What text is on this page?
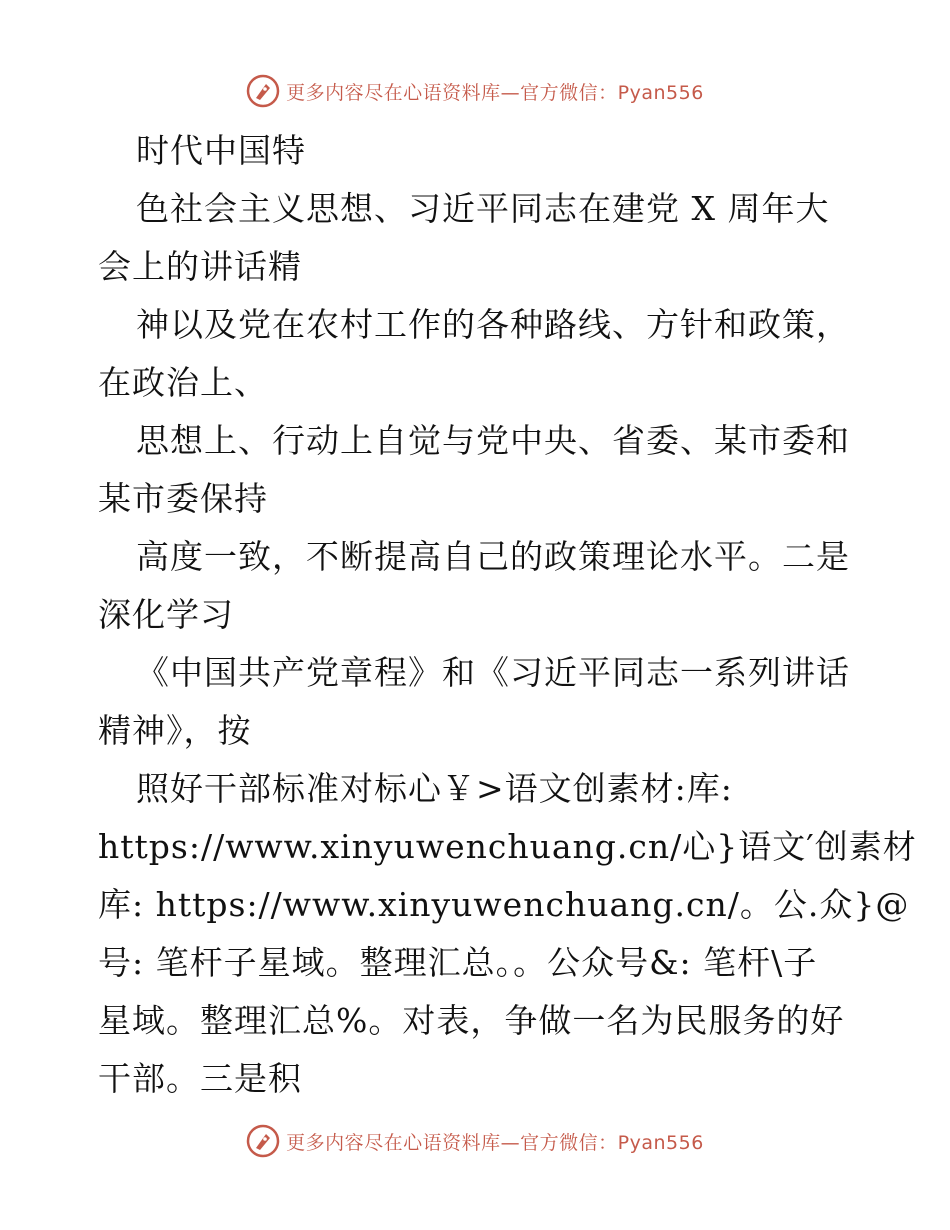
更多内容尽在心语资料库—官方微信：Pyan556
时代中国特
色社会主义思想、习近平同志在建党 X 周年大
会上的讲话精
神以及党在农村工作的各种路线、方针和政策，
在政治上、
思想上、行动上自觉与党中央、省委、某市委和
某市委保持
高度一致，不断提高自己的政策理论水平。二是
深化学习
《中国共产党章程》和《习近平同志一系列讲话
精神》，按
照好干部标准对标心￥>语文创素材:库:
https://www.xinyuwenchuang.cn/心}语文′创素材
库: https://www.xinyuwenchuang.cn/。公.众}@
号: 笔杆子星域。整理汇总。。公众号&: 笔杆\子
星域。整理汇总%。对表，争做一名为民服务的好
干部。三是积
更多内容尽在心语资料库—官方微信：Pyan556
